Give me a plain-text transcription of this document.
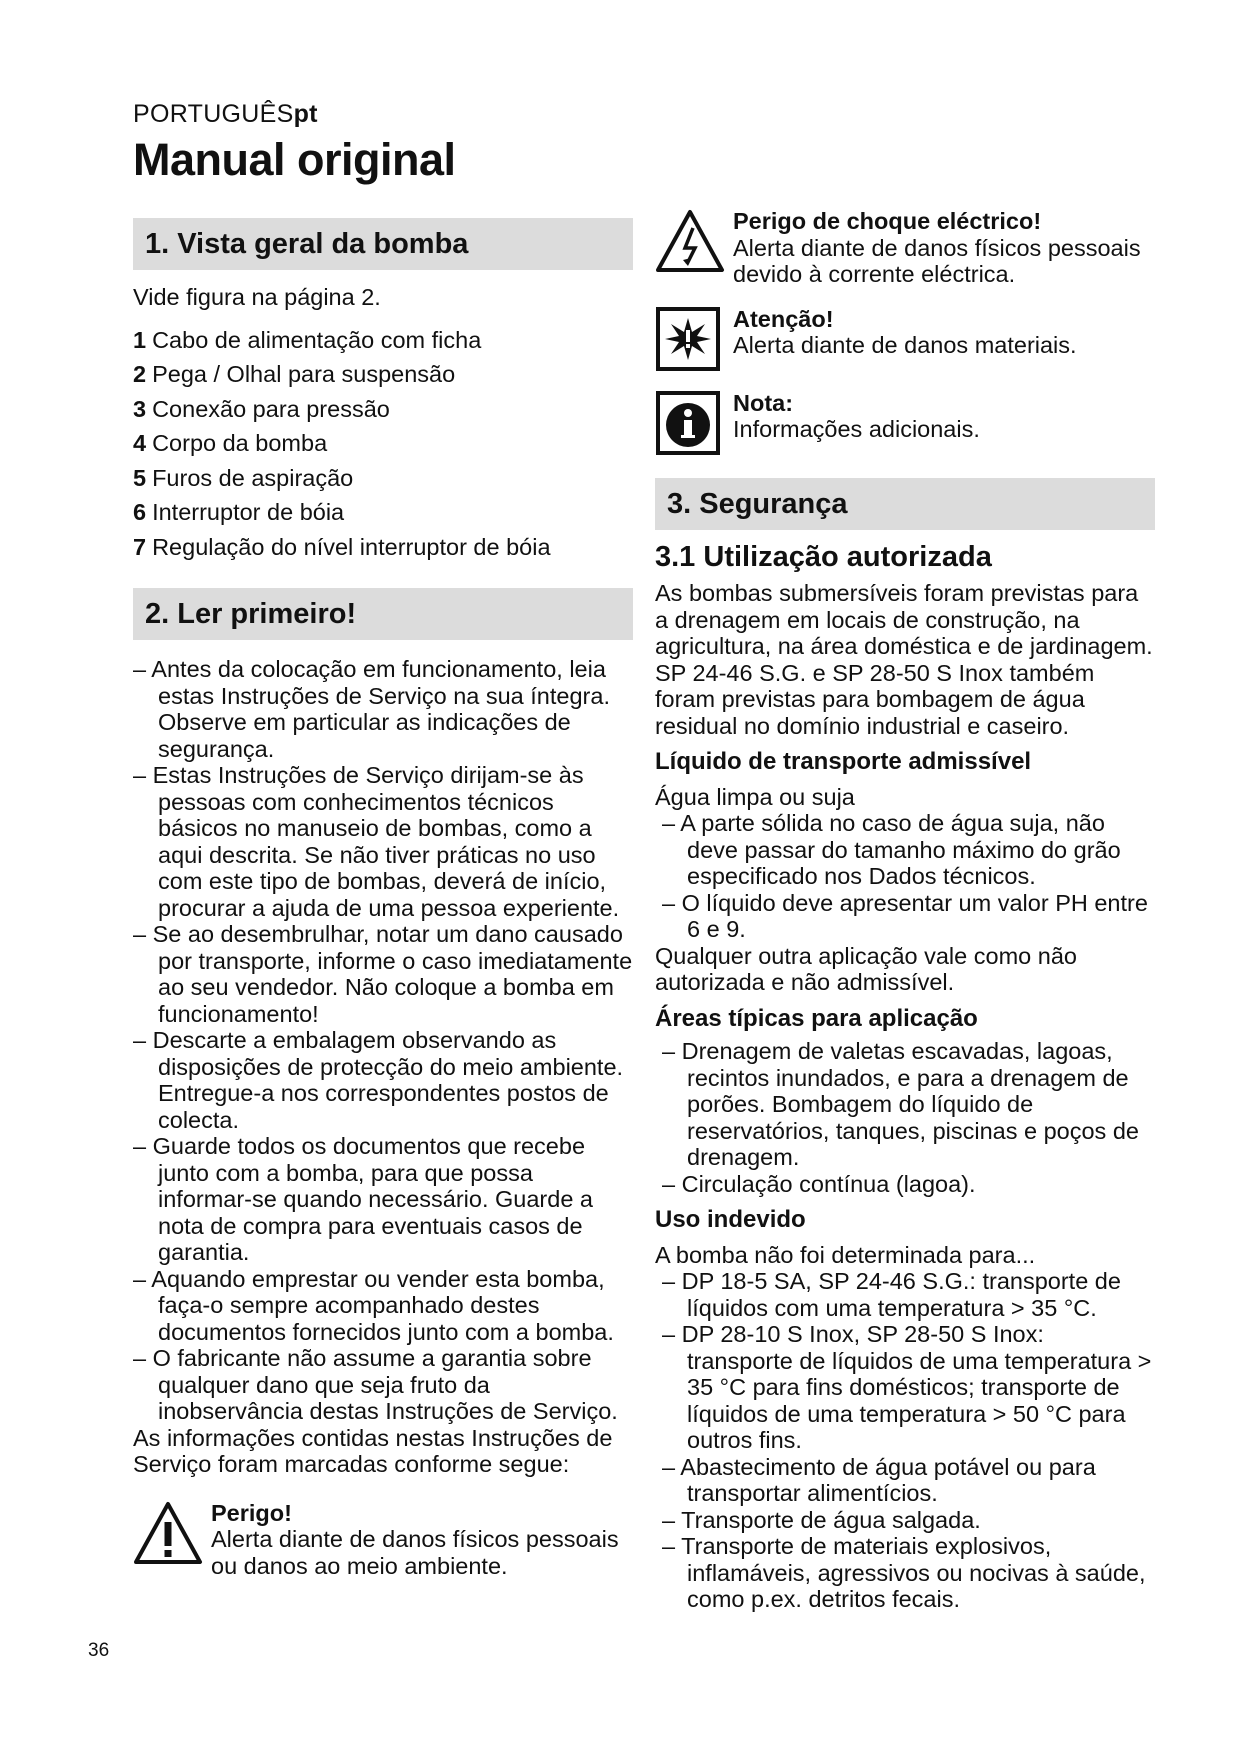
PORTUGUÊSpt
Manual original
1. Vista geral da bomba

Vide figura na página 2.

1 Cabo de alimentação com ficha
2 Pega / Olhal para suspensão
3 Conexão para pressão
4 Corpo da bomba
5 Furos de aspiração
6 Interruptor de bóia
7 Regulação do nível interruptor de bóia
2. Ler primeiro!
– Antes da colocação em funcionamento, leia estas Instruções de Serviço na sua íntegra. Observe em particular as indicações de segurança.
– Estas Instruções de Serviço dirijam-se às pessoas com conhecimentos técnicos básicos no manuseio de bombas, como a aqui descrita. Se não tiver práticas no uso com este tipo de bombas, deverá de início, procurar a ajuda de uma pessoa experiente.
– Se ao desembrulhar, notar um dano causado por transporte, informe o caso imediatamente ao seu vendedor. Não coloque a bomba em funcionamento!
– Descarte a embalagem observando as disposições de protecção do meio ambiente. Entregue-a nos correspondentes postos de colecta.
– Guarde todos os documentos que recebe junto com a bomba, para que possa informar-se quando necessário. Guarde a nota de compra para eventuais casos de garantia.
– Aquando emprestar ou vender esta bomba, faça-o sempre acompanhado destes documentos fornecidos junto com a bomba.
– O fabricante não assume a garantia sobre qualquer dano que seja fruto da inobservância destas Instruções de Serviço.

As informações contidas nestas Instruções de Serviço foram marcadas conforme segue:

Perigo!
Alerta diante de danos físicos pessoais ou danos ao meio ambiente.
Perigo de choque eléctrico!
Alerta diante de danos físicos pessoais devido à corrente eléctrica.
Atenção!
Alerta diante de danos materiais.
Nota:
Informações adicionais.
3. Segurança

3.1 Utilização autorizada

As bombas submersíveis foram previstas para a drenagem em locais de construção, na agricultura, na área doméstica e de jardinagem.

SP 24-46 S.G. e SP 28-50 S Inox também foram previstas para bombagem de água residual no domínio industrial e caseiro.

Líquido de transporte admissível

Água limpa ou suja

– A parte sólida no caso de água suja, não deve passar do tamanho máximo do grão especificado nos Dados técnicos.
– O líquido deve apresentar um valor PH entre 6 e 9.

Qualquer outra aplicação vale como não autorizada e não admissível.

Áreas típicas para aplicação

– Drenagem de valetas escavadas, lagoas, recintos inundados, e para a drenagem de porões. Bombagem do líquido de reservatórios, tanques, piscinas e poços de drenagem.
– Circulação contínua (lagoa).

Uso indevido

A bomba não foi determinada para...

– DP 18-5 SA, SP 24-46 S.G.: transporte de líquidos com uma temperatura > 35 °C.
– DP 28-10 S Inox, SP 28-50 S Inox: transporte de líquidos de uma temperatura > 35 °C para fins domésticos; transporte de líquidos de uma temperatura > 50 °C para outros fins.
– Abastecimento de água potável ou para transportar alimentícios.
– Transporte de água salgada.
– Transporte de materiais explosivos, inflamáveis, agressivos ou nocivas à saúde, como p.ex. detritos fecais.
36
